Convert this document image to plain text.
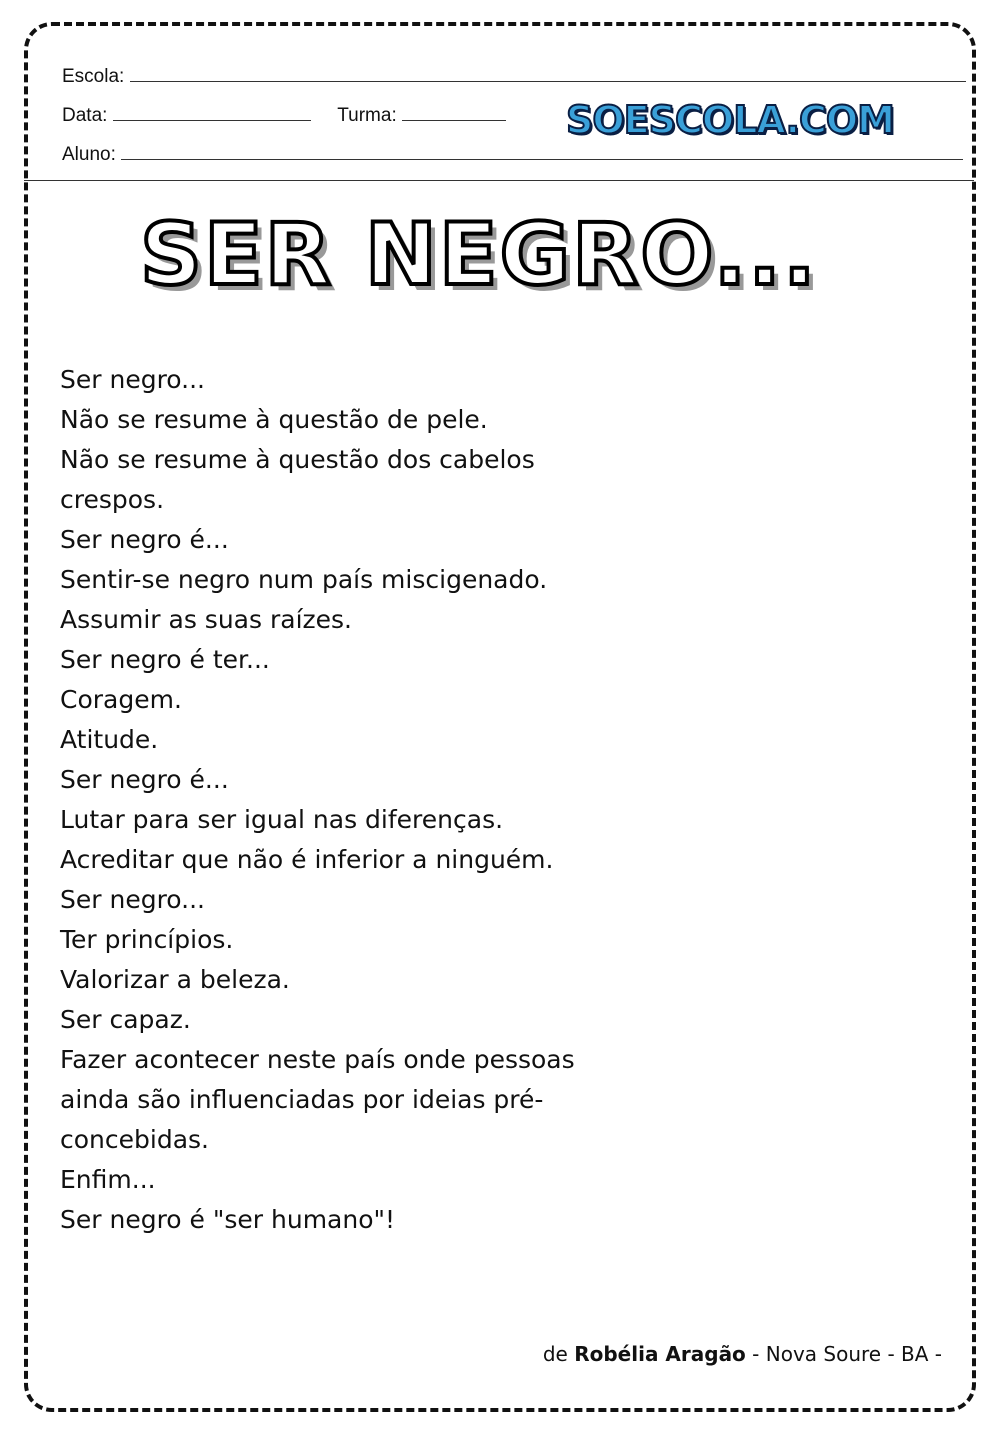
Escola:
Data:	Turma:
Aluno:
SOESCOLA.COM
SER NEGRO...
Ser negro...
Não se resume à questão de pele.
Não se resume à questão dos cabelos
crespos.
Ser negro é...
Sentir-se negro num país miscigenado.
Assumir as suas raízes.
Ser negro é ter...
Coragem.
Atitude.
Ser negro é...
Lutar para ser igual nas diferenças.
Acreditar que não é inferior a ninguém.
Ser negro...
Ter princípios.
Valorizar a beleza.
Ser capaz.
Fazer acontecer neste país onde pessoas
ainda são influenciadas por ideias pré-
concebidas.
Enfim...
Ser negro é "ser humano"!
de Robélia Aragão - Nova Soure - BA -
